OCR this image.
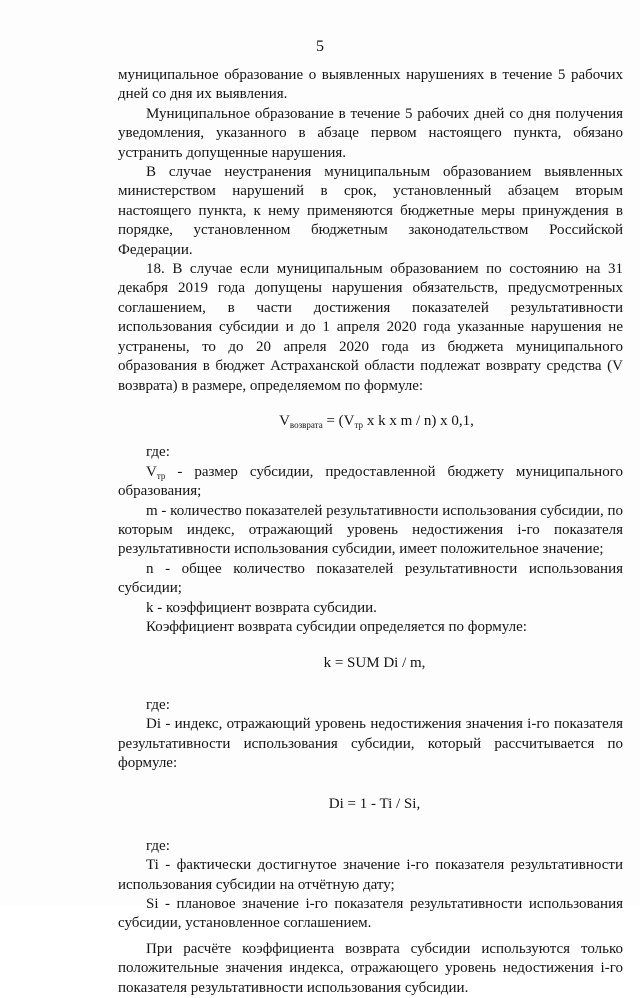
5

муниципальное образование о выявленных нарушениях в течение 5 рабочих дней со дня их выявления.

Муниципальное образование в течение 5 рабочих дней со дня получения уведомления, указанного в абзаце первом настоящего пункта, обязано устранить допущенные нарушения.

В случае неустранения муниципальным образованием выявленных министерством нарушений в срок, установленный абзацем вторым настоящего пункта, к нему применяются бюджетные меры принуждения в порядке, установленном бюджетным законодательством Российской Федерации.

18. В случае если муниципальным образованием по состоянию на 31 декабря 2019 года допущены нарушения обязательств, предусмотренных соглашением, в части достижения показателей результативности использования субсидии и до 1 апреля 2020 года указанные нарушения не устранены, то до 20 апреля 2020 года из бюджета муниципального образования в бюджет Астраханской области подлежат возврату средства (V возврата) в размере, определяемом по формуле:

$V_{возврата} = (V_{тр}$ x k x m / n) x 0,1,

где:

$V_{тр}$ - размер субсидии, предоставленной бюджету муниципального образования;

m - количество показателей результативности использования субсидии, по которым индекс, отражающий уровень недостижения i-го показателя результативности использования субсидии, имеет положительное значение;

n - общее количество показателей результативности использования субсидии;

k - коэффициент возврата субсидии.

Коэффициент возврата субсидии определяется по формуле:

k = SUM Di / m,

где:

Di - индекс, отражающий уровень недостижения значения i-го показателя результативности использования субсидии, который рассчитывается по формуле:

Di = 1 - Ti / Si,

где:

Ti - фактически достигнутое значение i-го показателя результативности использования субсидии на отчётную дату;

Si - плановое значение i-го показателя результативности использования субсидии, установленное соглашением.

При расчёте коэффициента возврата субсидии используются только положительные значения индекса, отражающего уровень недостижения i-го показателя результативности использования субсидии.
